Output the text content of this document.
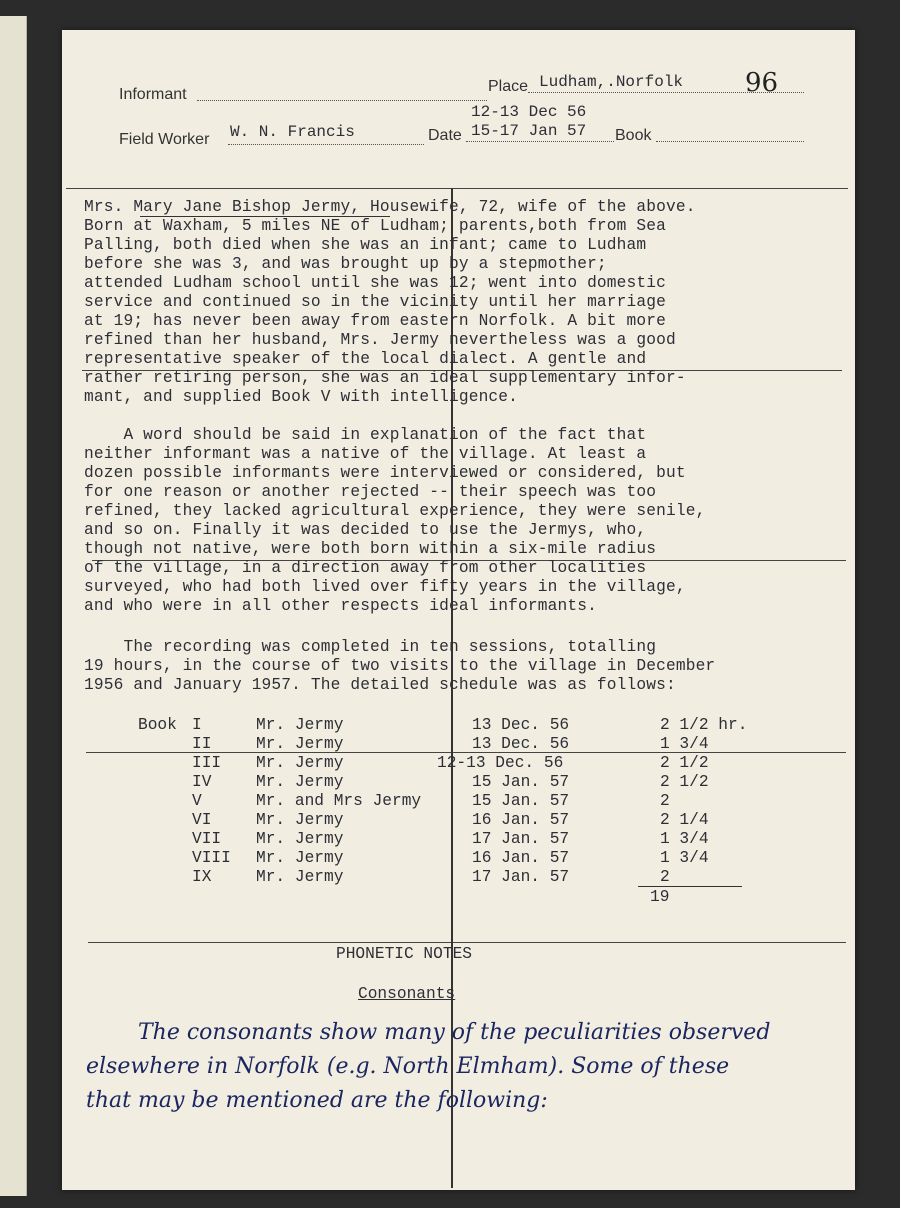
Informant	Place Ludham,.Norfolk 96
12-13 Dec 56
Field Worker W. N. Francis	Date 15-17 Jan 57 Book
Mrs. Mary Jane Bishop Jermy, Housewife, 72, wife of the above.
Born at Waxham, 5 miles NE of Ludham; parents,both from Sea
Palling, both died when she was an infant; came to Ludham
before she was 3, and was brought up by a stepmother;
attended Ludham school until she was 12; went into domestic
service and continued so in the vicinity until her marriage
at 19; has never been away from eastern Norfolk. A bit more
refined than her husband, Mrs. Jermy nevertheless was a good
representative speaker of the local dialect. A gentle and
rather retiring person, she was an ideal supplementary infor-
mant, and supplied Book V with intelligence.
A word should be said in explanation of the fact that
neither informant was a native of the village. At least a
dozen possible informants were interviewed or considered, but
for one reason or another rejected -- their speech was too
refined, they lacked agricultural experience, they were senile,
and so on. Finally it was decided to use the Jermys, who,
though not native, were both born within a six-mile radius
of the village, in a direction away from other localities
surveyed, who had both lived over fifty years in the village,
and who were in all other respects ideal informants.
The recording was completed in ten sessions, totalling
19 hours, in the course of two visits to the village in December
1956 and January 1957. The detailed schedule was as follows:
Book I	Mr. Jermy	13 Dec. 56	2 1/2 hr.
II	Mr. Jermy	13 Dec. 56	1 3/4
III Mr. Jermy	12-13 Dec. 56	2 1/2
IV	Mr. Jermy	15 Jan. 57	2 1/2
V	Mr. and Mrs Jermy	15 Jan. 57	2
VI	Mr. Jermy	16 Jan. 57	2 1/4
VII Mr. Jermy	17 Jan. 57	1 3/4
VIII Mr. Jermy	16 Jan. 57	1 3/4
IX	Mr. Jermy	17 Jan. 57	2
19
PHONETIC NOTES
Consonants
The consonants show many of the peculiarities observed
elsewhere in Norfolk (e.g. North Elmham). Some of these
that may be mentioned are the following:
